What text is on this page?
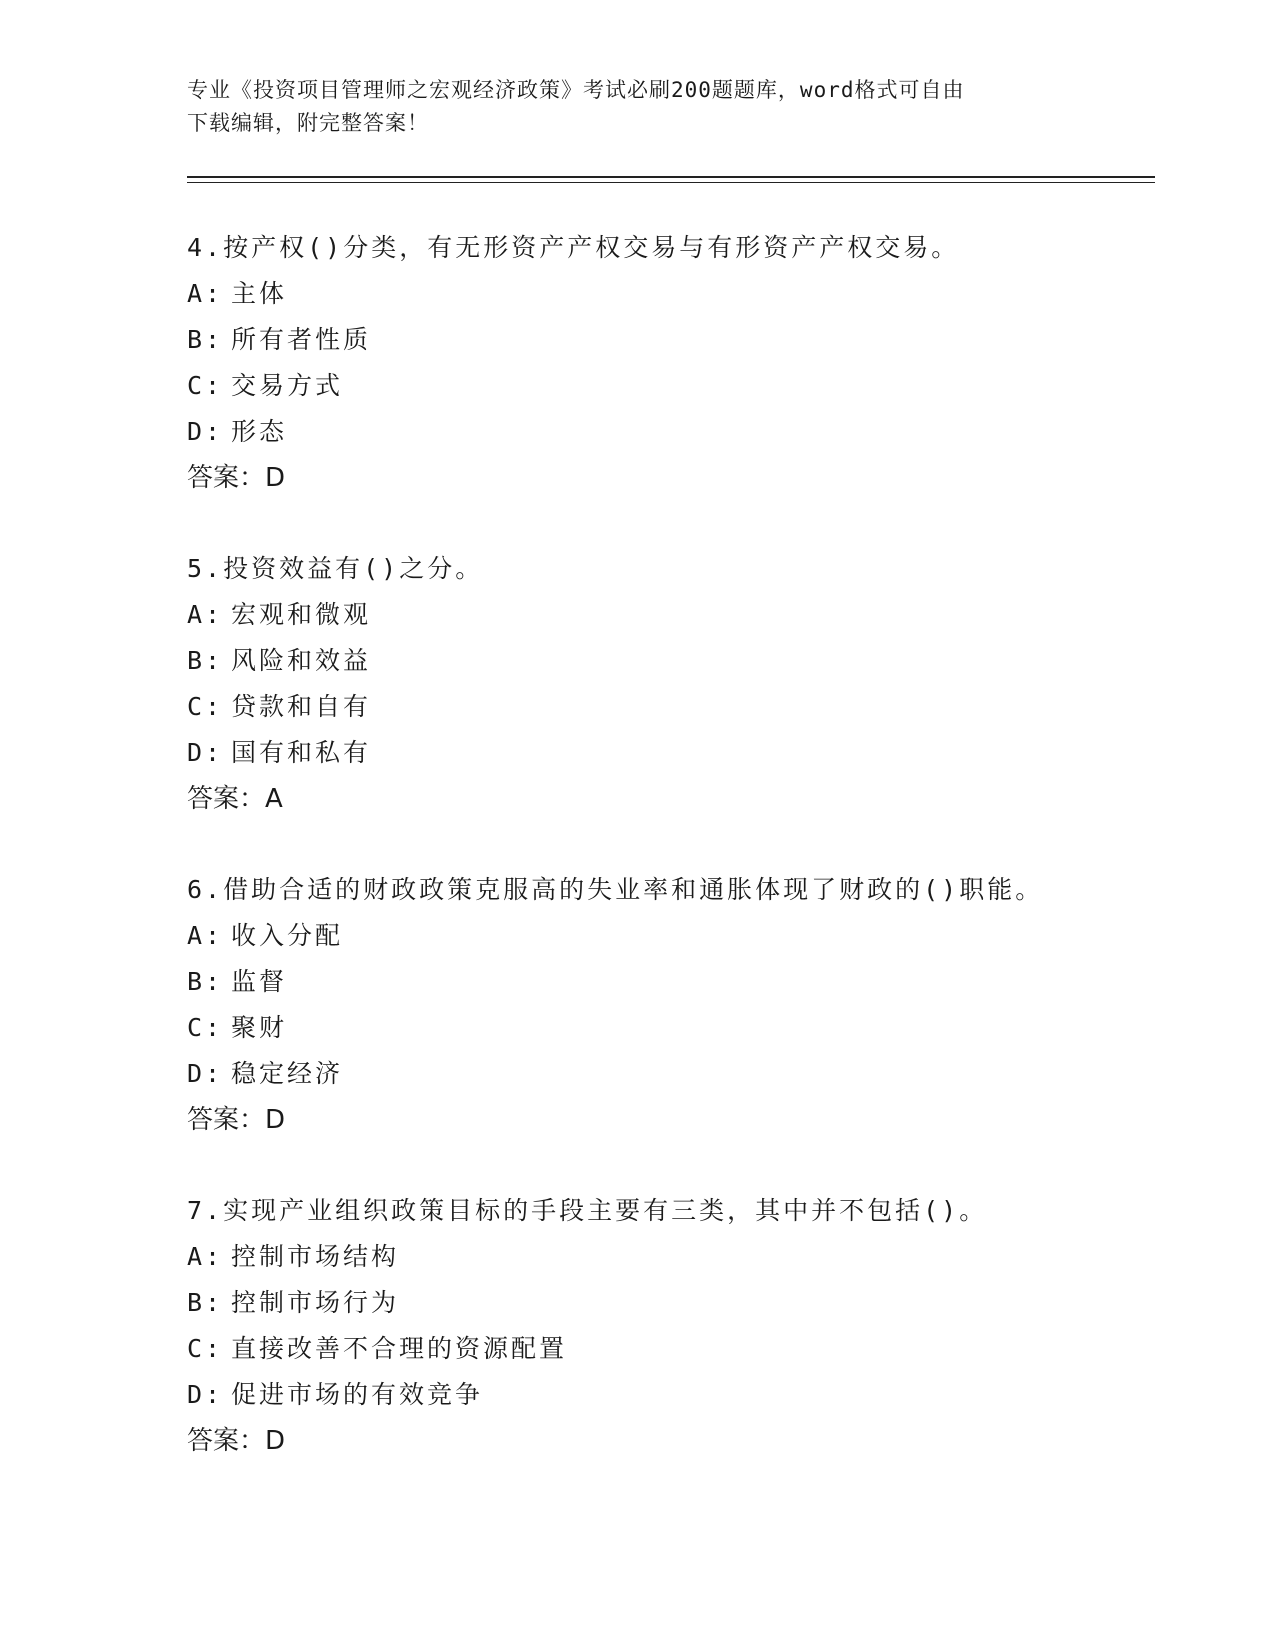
专业《投资项目管理师之宏观经济政策》考试必刷200题题库，word格式可自由
下载编辑，附完整答案！
4.按产权()分类，有无形资产产权交易与有形资产产权交易。
A: 主体
B: 所有者性质
C: 交易方式
D: 形态
答案：D
5.投资效益有()之分。
A: 宏观和微观
B: 风险和效益
C: 贷款和自有
D: 国有和私有
答案：A
6.借助合适的财政政策克服高的失业率和通胀体现了财政的()职能。
A: 收入分配
B: 监督
C: 聚财
D: 稳定经济
答案：D
7.实现产业组织政策目标的手段主要有三类，其中并不包括()。
A: 控制市场结构
B: 控制市场行为
C: 直接改善不合理的资源配置
D: 促进市场的有效竞争
答案：D
